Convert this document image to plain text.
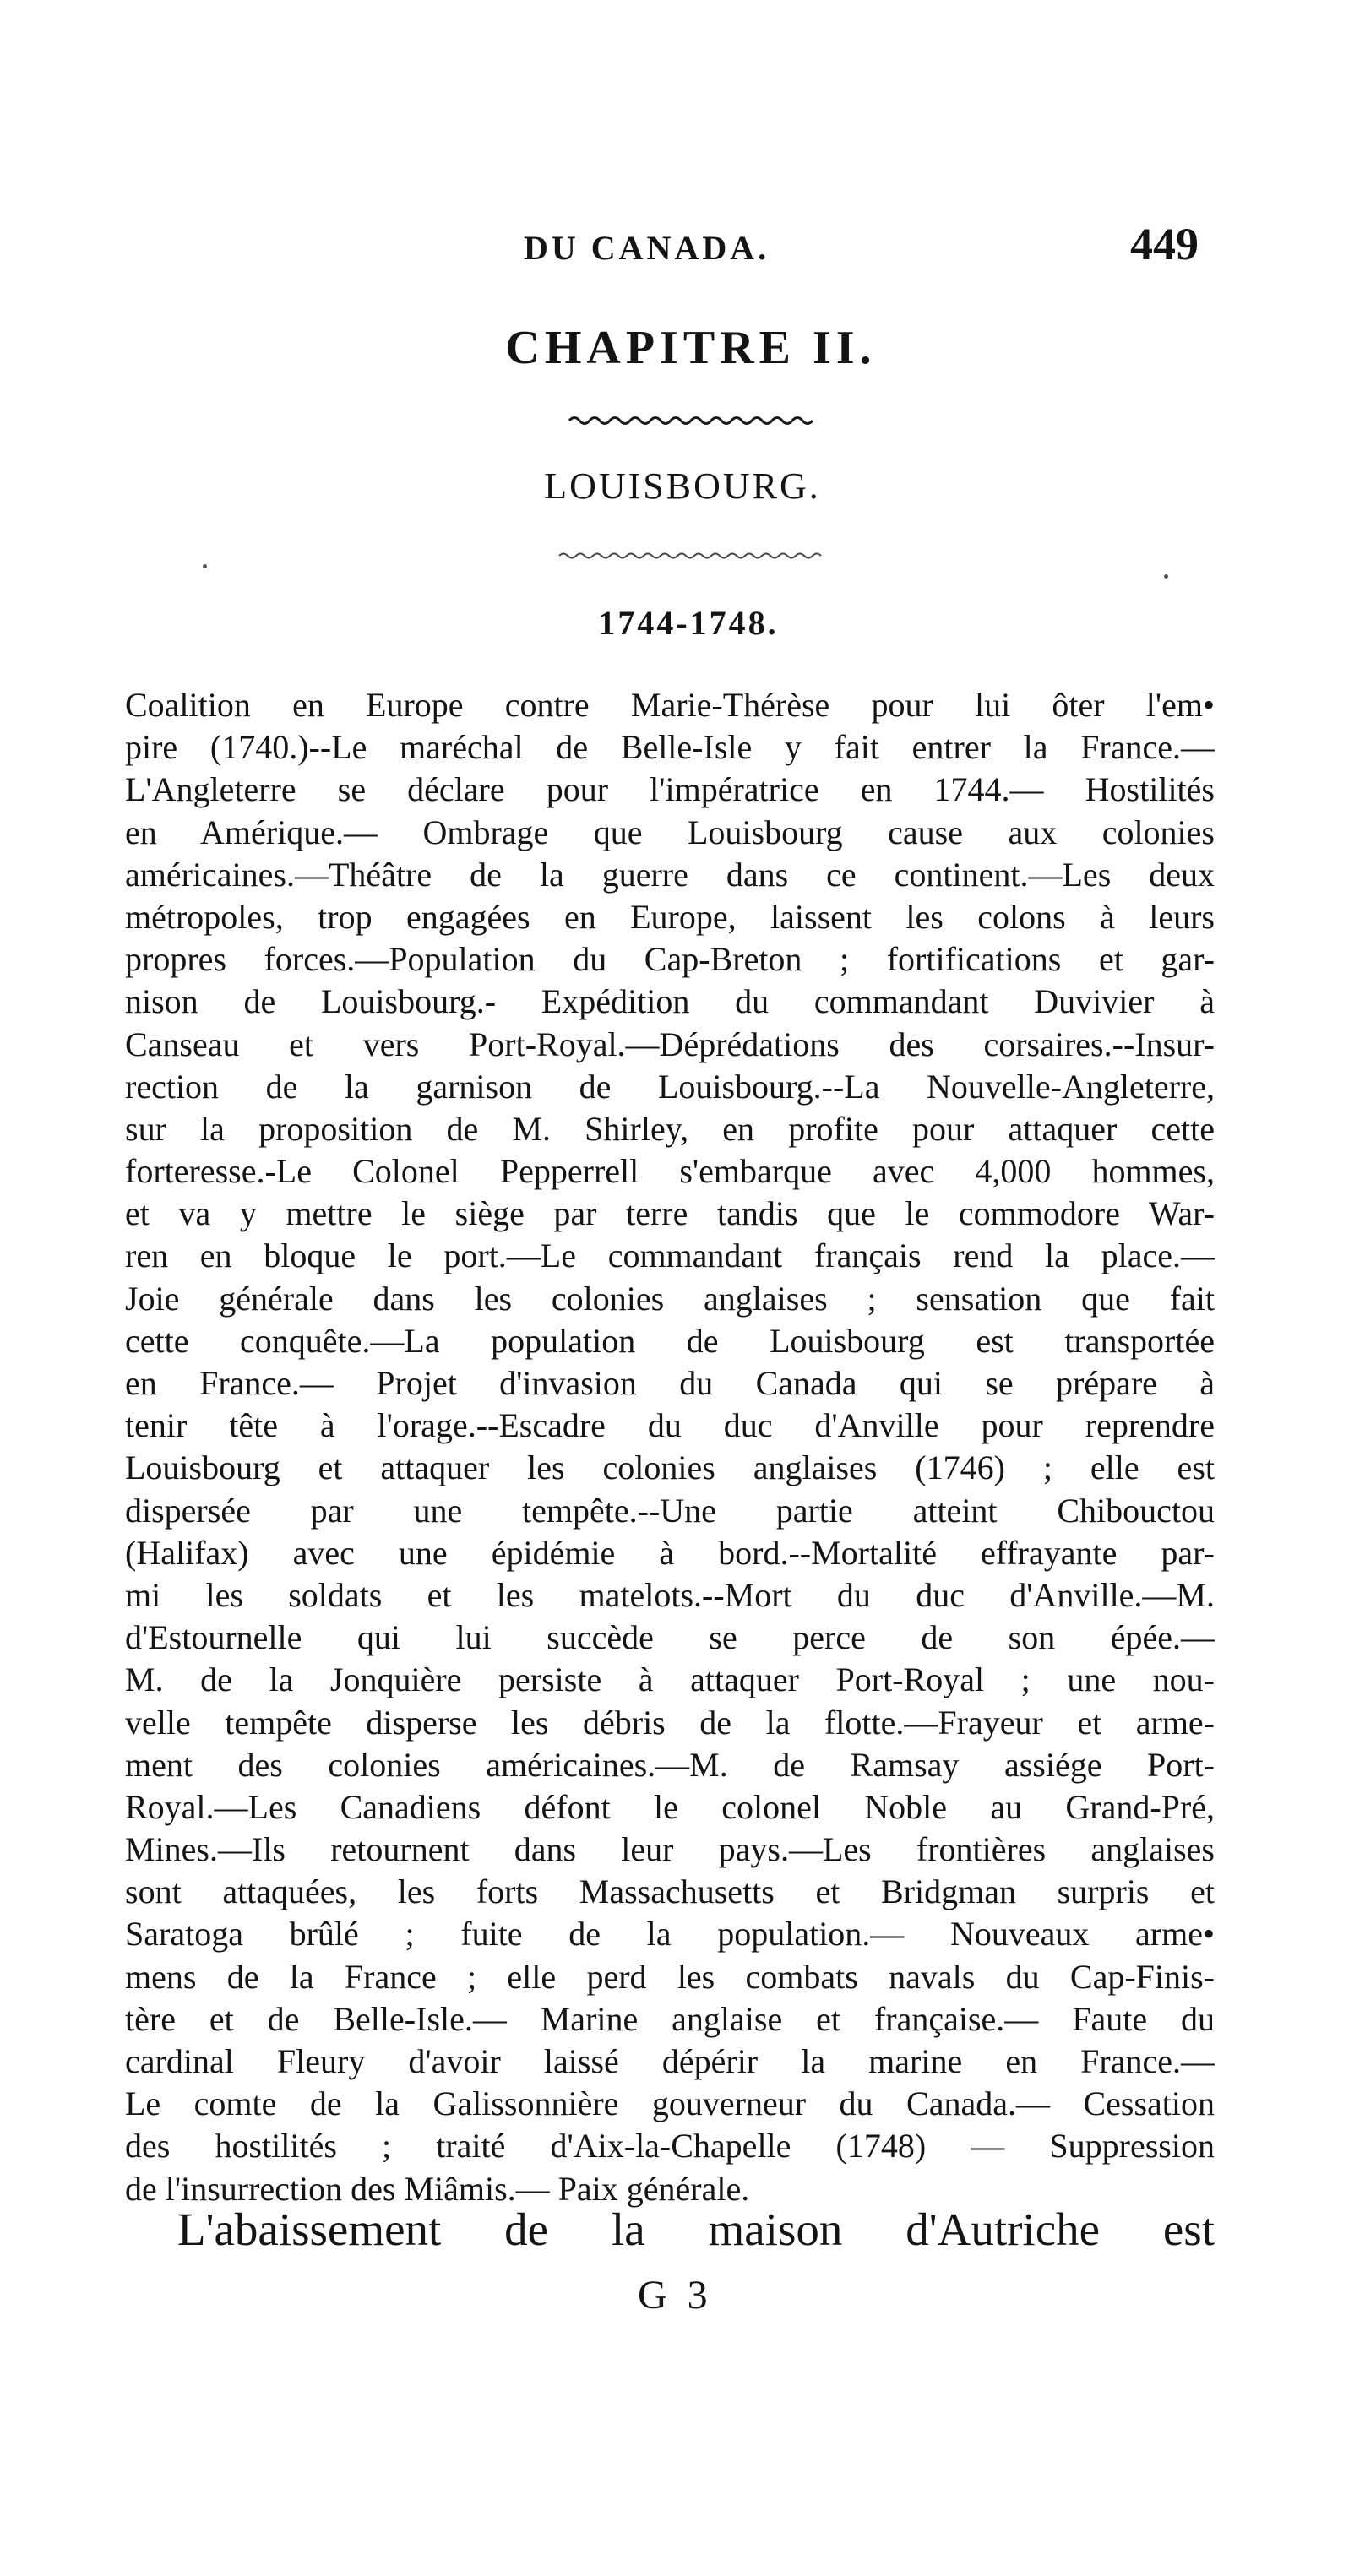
DU CANADA.	449
CHAPITRE II.
LOUISBOURG.
1744-1748.
Coalition en Europe contre Marie-Thérèse pour lui ôter l'em•
pire (1740.)--Le maréchal de Belle-Isle y fait entrer la France.—
L'Angleterre se déclare pour l'impératrice en 1744.— Hostilités
en Amérique.— Ombrage que Louisbourg cause aux colonies
américaines.—Théâtre de la guerre dans ce continent.—Les deux
métropoles, trop engagées en Europe, laissent les colons à leurs
propres forces.—Population du Cap-Breton ; fortifications et gar-
nison de Louisbourg.- Expédition du commandant Duvivier à
Canseau et vers Port-Royal.—Déprédations des corsaires.--Insur-
rection de la garnison de Louisbourg.--La Nouvelle-Angleterre,
sur la proposition de M. Shirley, en profite pour attaquer cette
forteresse.-Le Colonel Pepperrell s'embarque avec 4,000 hommes,
et va y mettre le siège par terre tandis que le commodore War-
ren en bloque le port.—Le commandant français rend la place.—
Joie générale dans les colonies anglaises ; sensation que fait
cette conquête.—La population de Louisbourg est transportée
en France.— Projet d'invasion du Canada qui se prépare à
tenir tête à l'orage.--Escadre du duc d'Anville pour reprendre
Louisbourg et attaquer les colonies anglaises (1746) ; elle est
dispersée par une tempête.--Une partie atteint Chibouctou
(Halifax) avec une épidémie à bord.--Mortalité effrayante par-
mi les soldats et les matelots.--Mort du duc d'Anville.—M.
d'Estournelle qui lui succède se perce de son épée.—
M. de la Jonquière persiste à attaquer Port-Royal ; une nou-
velle tempête disperse les débris de la flotte.—Frayeur et arme-
ment des colonies américaines.—M. de Ramsay assiége Port-
Royal.—Les Canadiens défont le colonel Noble au Grand-Pré,
Mines.—Ils retournent dans leur pays.—Les frontières anglaises
sont attaquées, les forts Massachusetts et Bridgman surpris et
Saratoga brûlé ; fuite de la population.— Nouveaux arme•
mens de la France ; elle perd les combats navals du Cap-Finis-
tère et de Belle-Isle.— Marine anglaise et française.— Faute du
cardinal Fleury d'avoir laissé dépérir la marine en France.—
Le comte de la Galissonnière gouverneur du Canada.— Cessation
des hostilités ; traité d'Aix-la-Chapelle (1748) — Suppression
de l'insurrection des Miâmis.— Paix générale.
L'abaissement de la maison d'Autriche est
G 3
